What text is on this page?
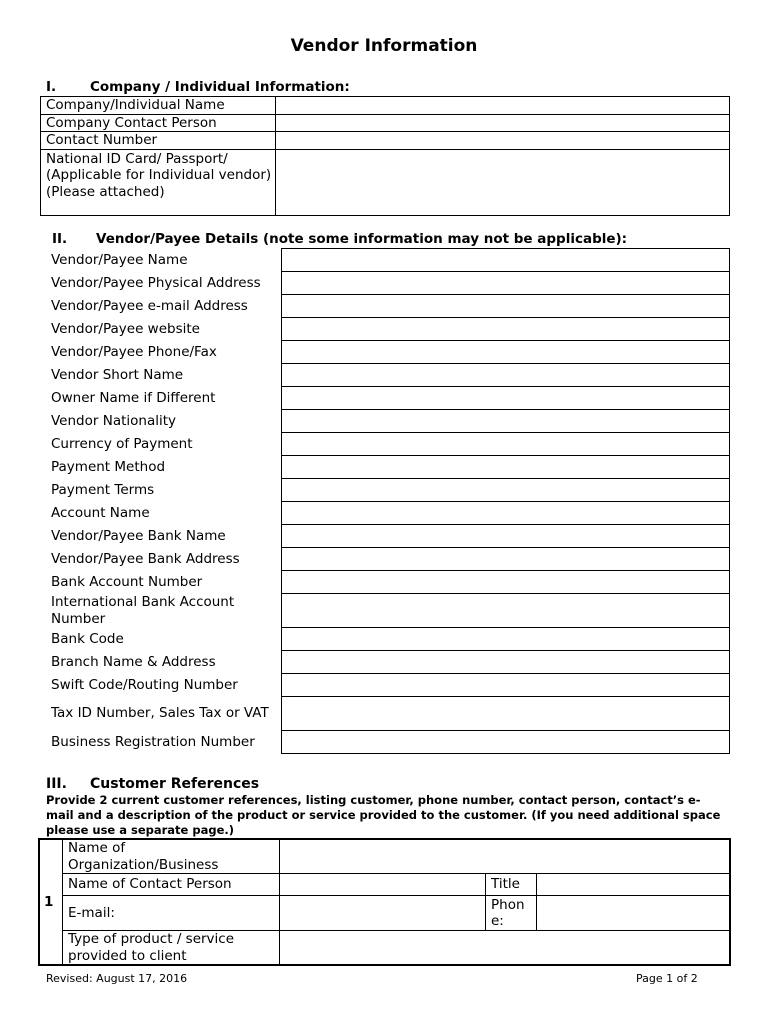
Vendor Information
I.	Company / Individual Information:
Company/Individual Name	
Company Contact Person	
Contact Number	
National ID Card/ Passport/ (Applicable for Individual vendor) (Please attached)	
II. Vendor/Payee Details (note some information may not be applicable):
Vendor/Payee Name	
Vendor/Payee Physical Address	
Vendor/Payee e-mail Address	
Vendor/Payee website	
Vendor/Payee Phone/Fax	
Vendor Short Name	
Owner Name if Different	
Vendor Nationality	
Currency of Payment	
Payment Method	
Payment Terms	
Account Name	
Vendor/Payee Bank Name	
Vendor/Payee Bank Address	
Bank Account Number	
International Bank Account Number	
Bank Code	
Branch Name & Address	
Swift Code/Routing Number	
Tax ID Number, Sales Tax or VAT	
Business Registration Number	
III. Customer References
Provide 2 current customer references, listing customer, phone number, contact person, contact’s e-mail and a description of the product or service provided to the customer. (If you need additional space please use a separate page.)
1	Name of Organization/Business			
	Name of Contact Person		Title	
	E-mail:		Phon e:	
	Type of product / service provided to client			
Revised: August 17, 2016	Page 1 of 2
